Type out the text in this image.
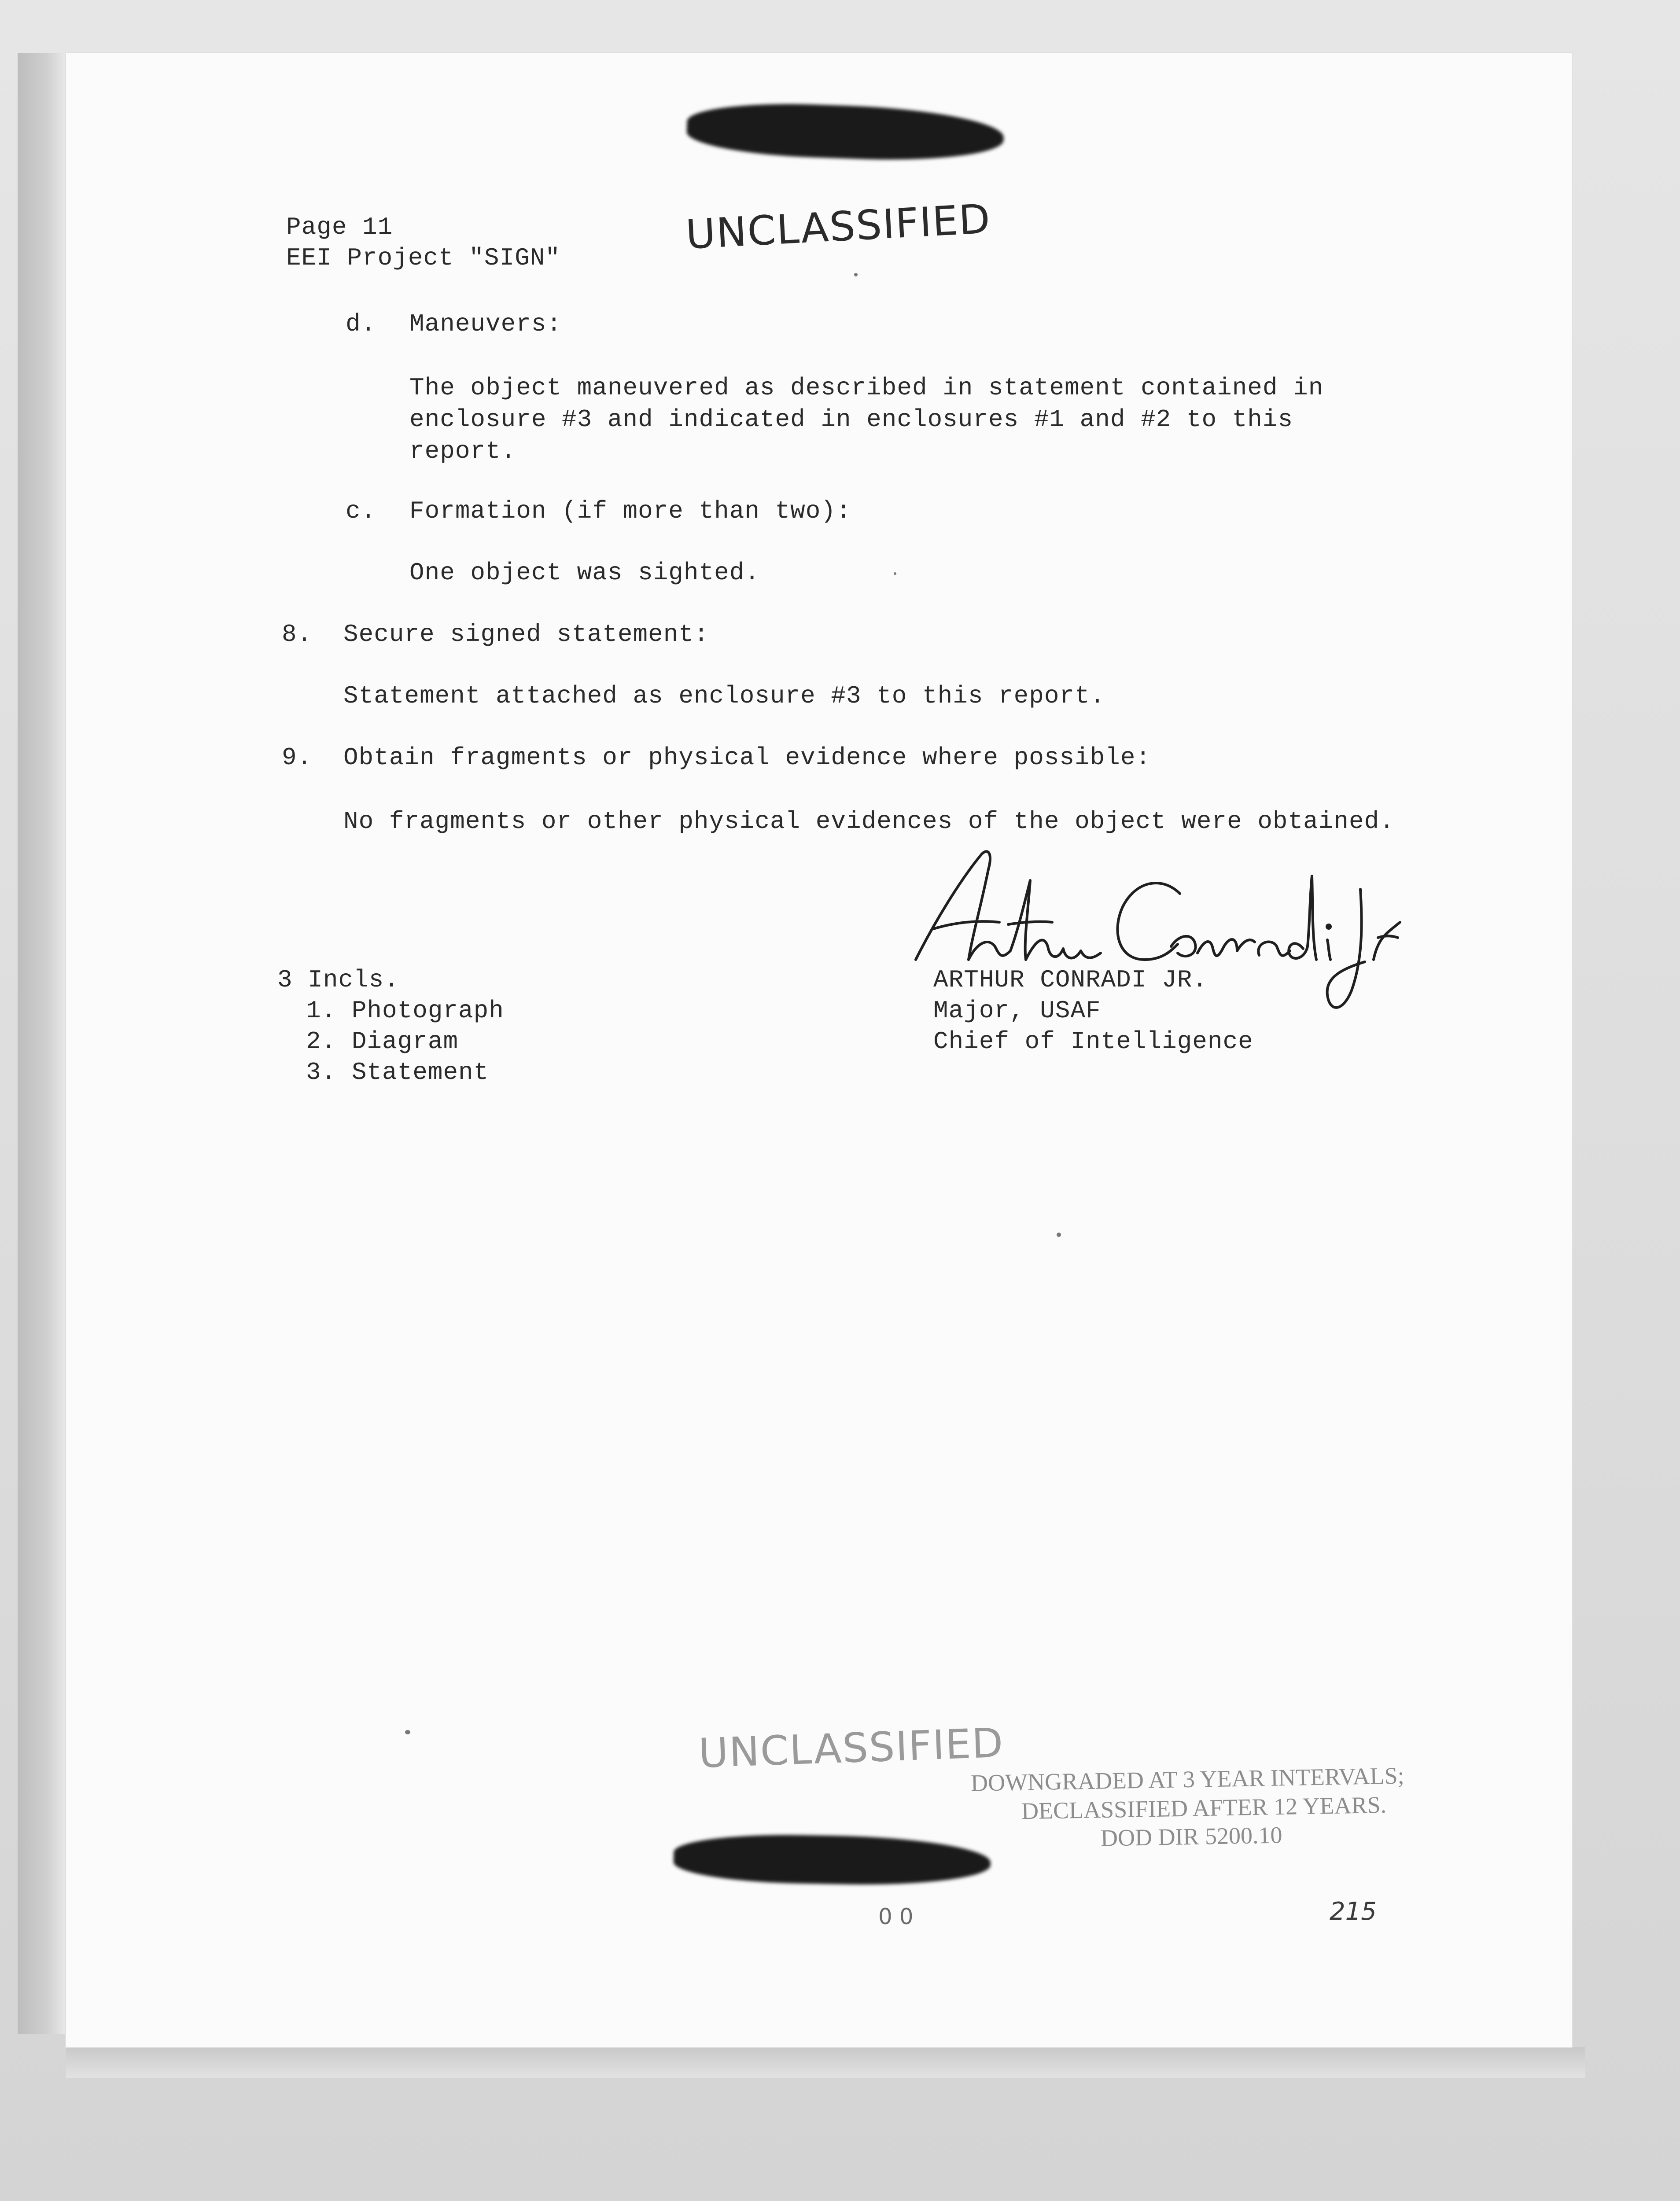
Page 11
EEI Project "SIGN"	UNCLASSIFIED
d. Maneuvers:
The object maneuvered as described in statement contained in
enclosure #3 and indicated in enclosures #1 and #2 to this
report.
c. Formation (if more than two):
One object was sighted.
8. Secure signed statement:
Statement attached as enclosure #3 to this report.
9. Obtain fragments or physical evidence where possible:
No fragments or other physical evidences of the object were obtained.
3 Incls.
1. Photograph
2. Diagram
3. Statement
ARTHUR CONRADI JR.
Major, USAF
Chief of Intelligence
UNCLASSIFIED
DOWNGRADED AT 3 YEAR INTERVALS;
DECLASSIFIED AFTER 12 YEARS.
DOD DIR 5200.10
0 0	215
